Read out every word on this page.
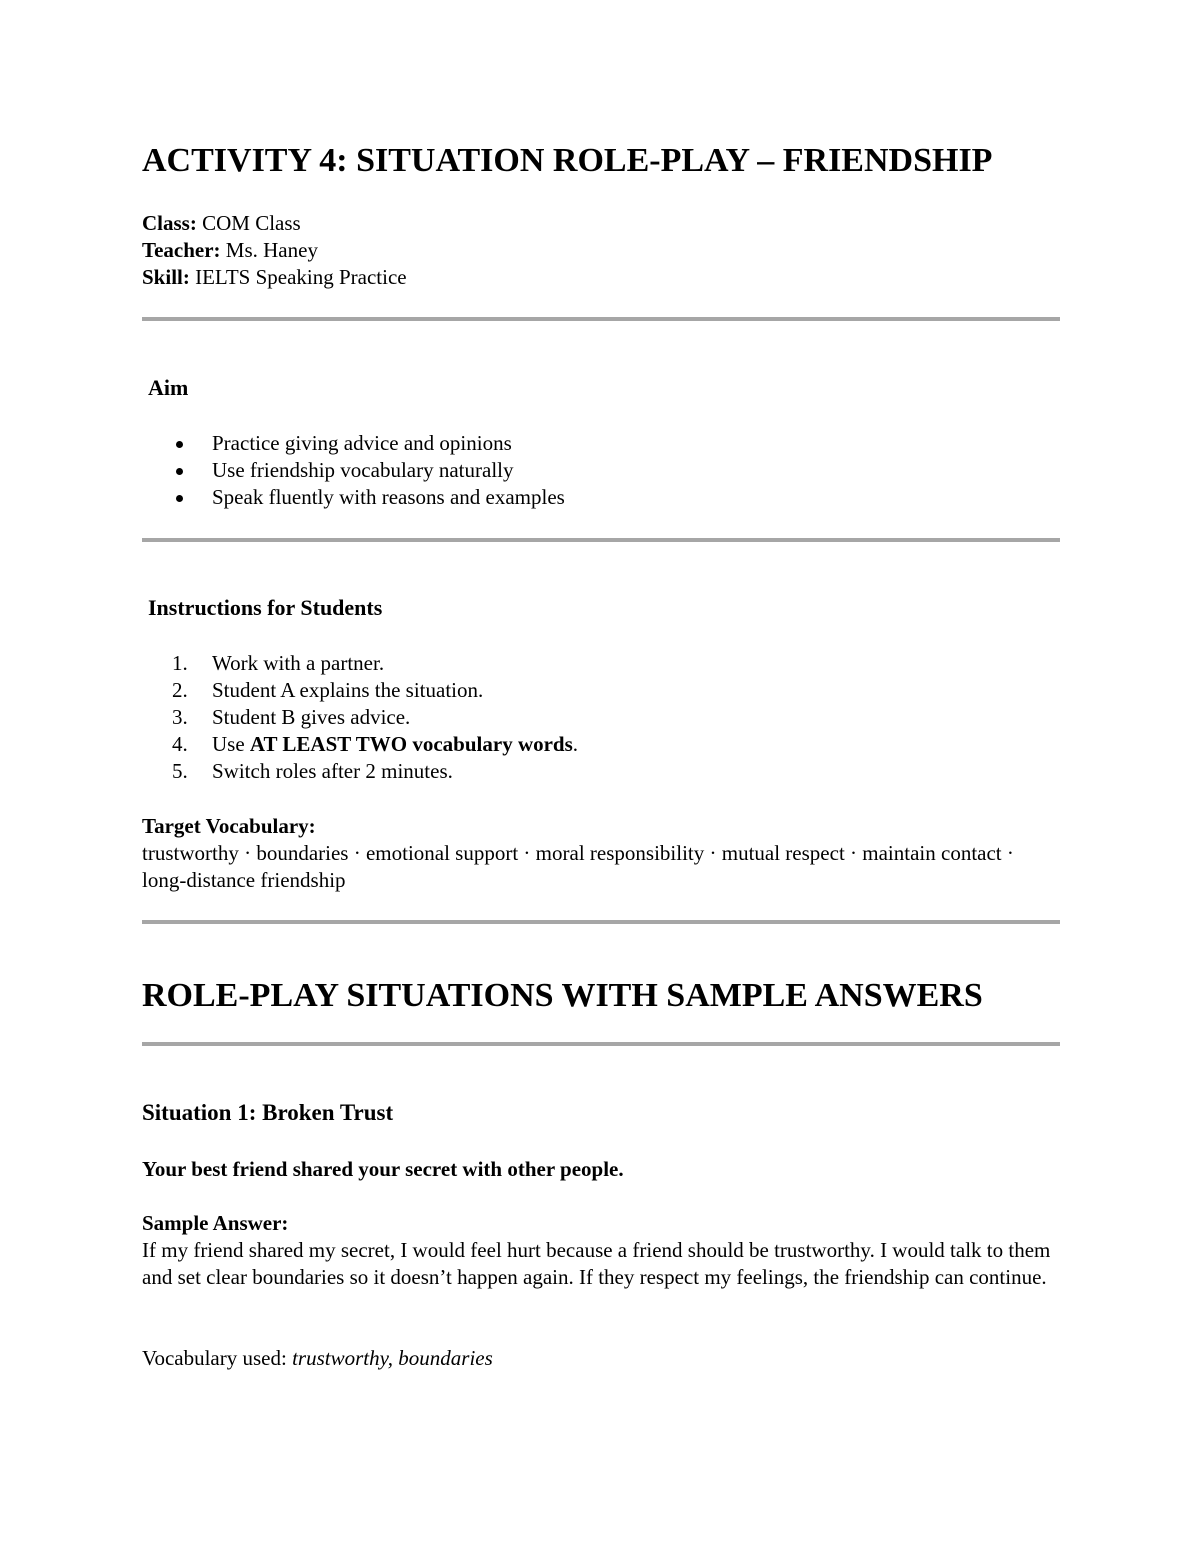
ACTIVITY 4: SITUATION ROLE-PLAY – FRIENDSHIP
Class: COM Class
Teacher: Ms. Haney
Skill: IELTS Speaking Practice
Aim
Practice giving advice and opinions
Use friendship vocabulary naturally
Speak fluently with reasons and examples
Instructions for Students
1.	Work with a partner.
2.	Student A explains the situation.
3.	Student B gives advice.
4.	Use AT LEAST TWO vocabulary words.
5.	Switch roles after 2 minutes.
Target Vocabulary:
trustworthy · boundaries · emotional support · moral responsibility · mutual respect · maintain contact · long-distance friendship
ROLE-PLAY SITUATIONS WITH SAMPLE ANSWERS
Situation 1: Broken Trust
Your best friend shared your secret with other people.
Sample Answer:
If my friend shared my secret, I would feel hurt because a friend should be trustworthy. I would talk to them and set clear boundaries so it doesn’t happen again. If they respect my feelings, the friendship can continue.
Vocabulary used: trustworthy, boundaries
